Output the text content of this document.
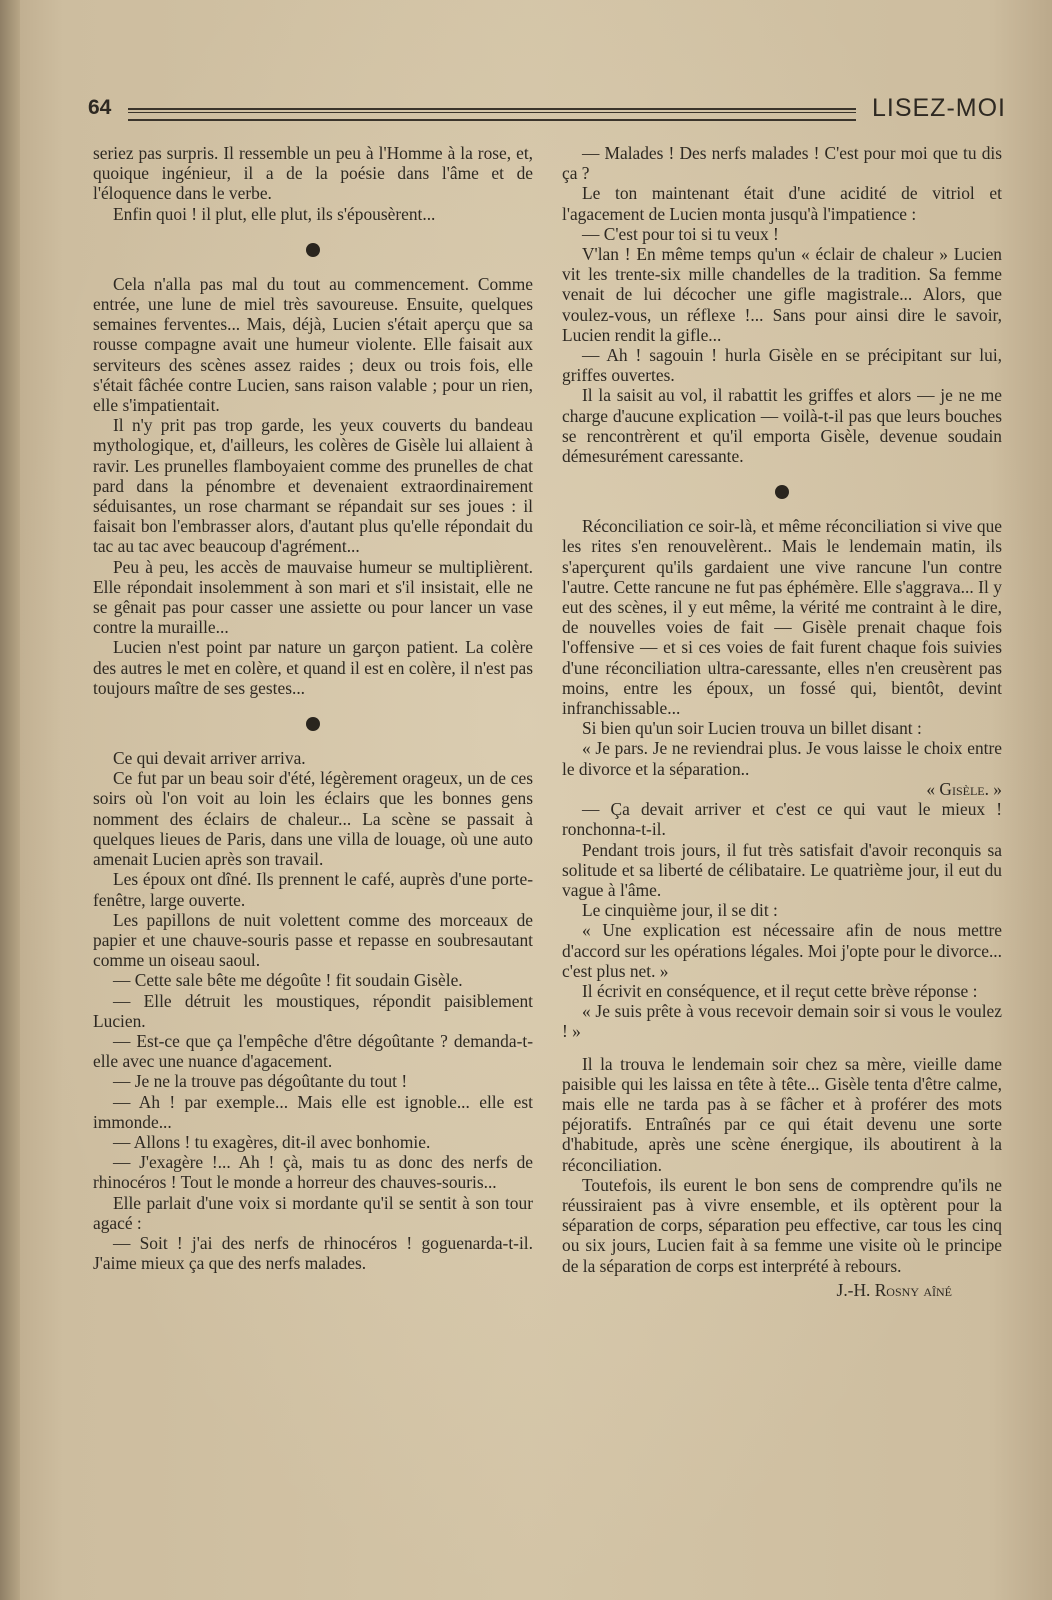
64	LISEZ-MOI

seriez pas surpris. Il ressemble un peu à l'Homme à la rose, et, quoique ingénieur, il a de la poésie dans l'âme et de l'éloquence dans le verbe.

Enfin quoi ! il plut, elle plut, ils s'épousèrent...

Cela n'alla pas mal du tout au commencement. Comme entrée, une lune de miel très savoureuse. Ensuite, quelques semaines ferventes... Mais, déjà, Lucien s'était aperçu que sa rousse compagne avait une humeur violente. Elle faisait aux serviteurs des scènes assez raides ; deux ou trois fois, elle s'était fâchée contre Lucien, sans raison valable ; pour un rien, elle s'impatientait.

Il n'y prit pas trop garde, les yeux couverts du bandeau mythologique, et, d'ailleurs, les colères de Gisèle lui allaient à ravir. Les prunelles flamboyaient comme des prunelles de chat pard dans la pénombre et devenaient extraordinairement séduisantes, un rose charmant se répandait sur ses joues : il faisait bon l'embrasser alors, d'autant plus qu'elle répondait du tac au tac avec beaucoup d'agrément...

Peu à peu, les accès de mauvaise humeur se multiplièrent. Elle répondait insolemment à son mari et s'il insistait, elle ne se gênait pas pour casser une assiette ou pour lancer un vase contre la muraille...

Lucien n'est point par nature un garçon patient. La colère des autres le met en colère, et quand il est en colère, il n'est pas toujours maître de ses gestes...

Ce qui devait arriver arriva.

Ce fut par un beau soir d'été, légèrement orageux, un de ces soirs où l'on voit au loin les éclairs que les bonnes gens nomment des éclairs de chaleur... La scène se passait à quelques lieues de Paris, dans une villa de louage, où une auto amenait Lucien après son travail.

Les époux ont dîné. Ils prennent le café, auprès d'une porte-fenêtre, large ouverte.

Les papillons de nuit volettent comme des morceaux de papier et une chauve-souris passe et repasse en soubresautant comme un oiseau saoul.

— Cette sale bête me dégoûte ! fit soudain Gisèle.

— Elle détruit les moustiques, répondit paisiblement Lucien.

— Est-ce que ça l'empêche d'être dégoûtante ? demanda-t-elle avec une nuance d'agacement.

— Je ne la trouve pas dégoûtante du tout !

— Ah ! par exemple... Mais elle est ignoble... elle est immonde...

— Allons ! tu exagères, dit-il avec bonhomie.

— J'exagère !... Ah ! çà, mais tu as donc des nerfs de rhinocéros ! Tout le monde a horreur des chauves-souris...

Elle parlait d'une voix si mordante qu'il se sentit à son tour agacé :

— Soit ! j'ai des nerfs de rhinocéros ! goguenarda-t-il. J'aime mieux ça que des nerfs malades.

— Malades ! Des nerfs malades ! C'est pour moi que tu dis ça ?

Le ton maintenant était d'une acidité de vitriol et l'agacement de Lucien monta jusqu'à l'impatience :

— C'est pour toi si tu veux !

V'lan ! En même temps qu'un « éclair de chaleur » Lucien vit les trente-six mille chandelles de la tradition. Sa femme venait de lui décocher une gifle magistrale... Alors, que voulez-vous, un réflexe !... Sans pour ainsi dire le savoir, Lucien rendit la gifle...

— Ah ! sagouin ! hurla Gisèle en se précipitant sur lui, griffes ouvertes.

Il la saisit au vol, il rabattit les griffes et alors — je ne me charge d'aucune explication — voilà-t-il pas que leurs bouches se rencontrèrent et qu'il emporta Gisèle, devenue soudain démesurément caressante.

Réconciliation ce soir-là, et même réconciliation si vive que les rites s'en renouvelèrent.. Mais le lendemain matin, ils s'aperçurent qu'ils gardaient une vive rancune l'un contre l'autre. Cette rancune ne fut pas éphémère. Elle s'aggrava... Il y eut des scènes, il y eut même, la vérité me contraint à le dire, de nouvelles voies de fait — Gisèle prenait chaque fois l'offensive — et si ces voies de fait furent chaque fois suivies d'une réconciliation ultra-caressante, elles n'en creusèrent pas moins, entre les époux, un fossé qui, bientôt, devint infranchissable...

Si bien qu'un soir Lucien trouva un billet disant :

« Je pars. Je ne reviendrai plus. Je vous laisse le choix entre le divorce et la séparation..

« Gisèle. »

— Ça devait arriver et c'est ce qui vaut le mieux ! ronchonna-t-il.

Pendant trois jours, il fut très satisfait d'avoir reconquis sa solitude et sa liberté de célibataire. Le quatrième jour, il eut du vague à l'âme.

Le cinquième jour, il se dit :

« Une explication est nécessaire afin de nous mettre d'accord sur les opérations légales. Moi j'opte pour le divorce... c'est plus net. »

Il écrivit en conséquence, et il reçut cette brève réponse :

« Je suis prête à vous recevoir demain soir si vous le voulez ! »

Il la trouva le lendemain soir chez sa mère, vieille dame paisible qui les laissa en tête à tête... Gisèle tenta d'être calme, mais elle ne tarda pas à se fâcher et à proférer des mots péjoratifs. Entraînés par ce qui était devenu une sorte d'habitude, après une scène énergique, ils aboutirent à la réconciliation.

Toutefois, ils eurent le bon sens de comprendre qu'ils ne réussiraient pas à vivre ensemble, et ils optèrent pour la séparation de corps, séparation peu effective, car tous les cinq ou six jours, Lucien fait à sa femme une visite où le principe de la séparation de corps est interprété à rebours.

J.-H. Rosny aîné
